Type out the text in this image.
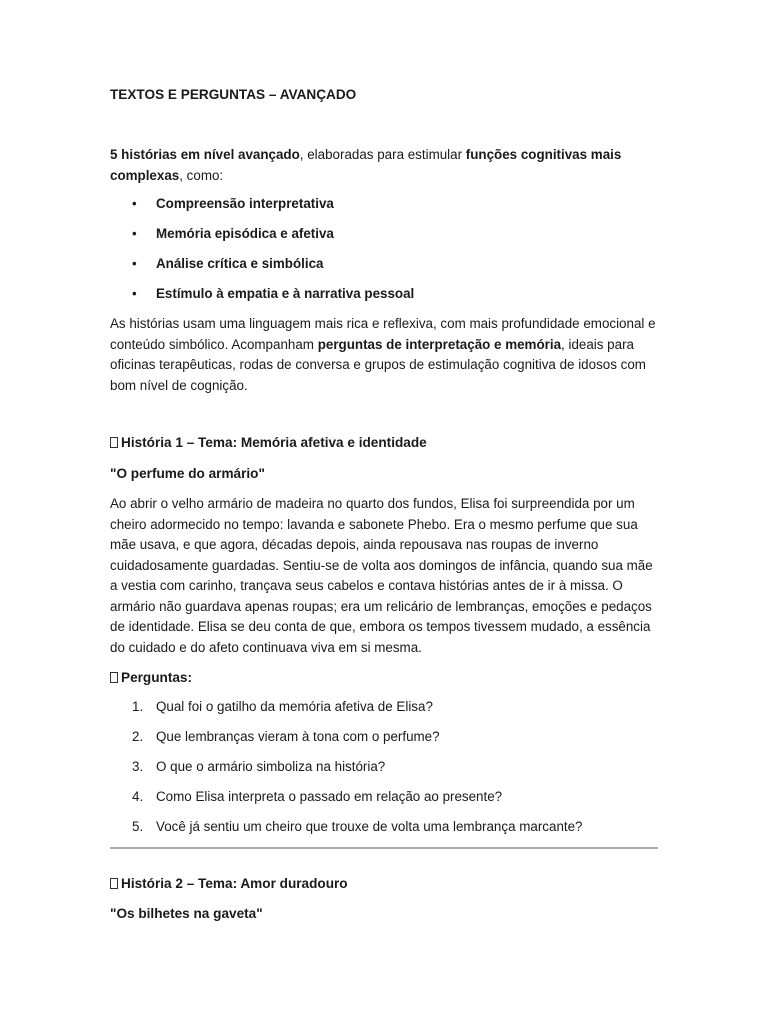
TEXTOS E PERGUNTAS – AVANÇADO

5 histórias em nível avançado, elaboradas para estimular funções cognitivas mais complexas, como:

• Compreensão interpretativa
• Memória episódica e afetiva
• Análise crítica e simbólica
• Estímulo à empatia e à narrativa pessoal

As histórias usam uma linguagem mais rica e reflexiva, com mais profundidade emocional e conteúdo simbólico. Acompanham perguntas de interpretação e memória, ideais para oficinas terapêuticas, rodas de conversa e grupos de estimulação cognitiva de idosos com bom nível de cognição.

História 1 – Tema: Memória afetiva e identidade

"O perfume do armário"

Ao abrir o velho armário de madeira no quarto dos fundos, Elisa foi surpreendida por um cheiro adormecido no tempo: lavanda e sabonete Phebo. Era o mesmo perfume que sua mãe usava, e que agora, décadas depois, ainda repousava nas roupas de inverno cuidadosamente guardadas. Sentiu-se de volta aos domingos de infância, quando sua mãe a vestia com carinho, trançava seus cabelos e contava histórias antes de ir à missa. O armário não guardava apenas roupas; era um relicário de lembranças, emoções e pedaços de identidade. Elisa se deu conta de que, embora os tempos tivessem mudado, a essência do cuidado e do afeto continuava viva em si mesma.

Perguntas:

1. Qual foi o gatilho da memória afetiva de Elisa?
2. Que lembranças vieram à tona com o perfume?
3. O que o armário simboliza na história?
4. Como Elisa interpreta o passado em relação ao presente?
5. Você já sentiu um cheiro que trouxe de volta uma lembrança marcante?

História 2 – Tema: Amor duradouro

"Os bilhetes na gaveta"
